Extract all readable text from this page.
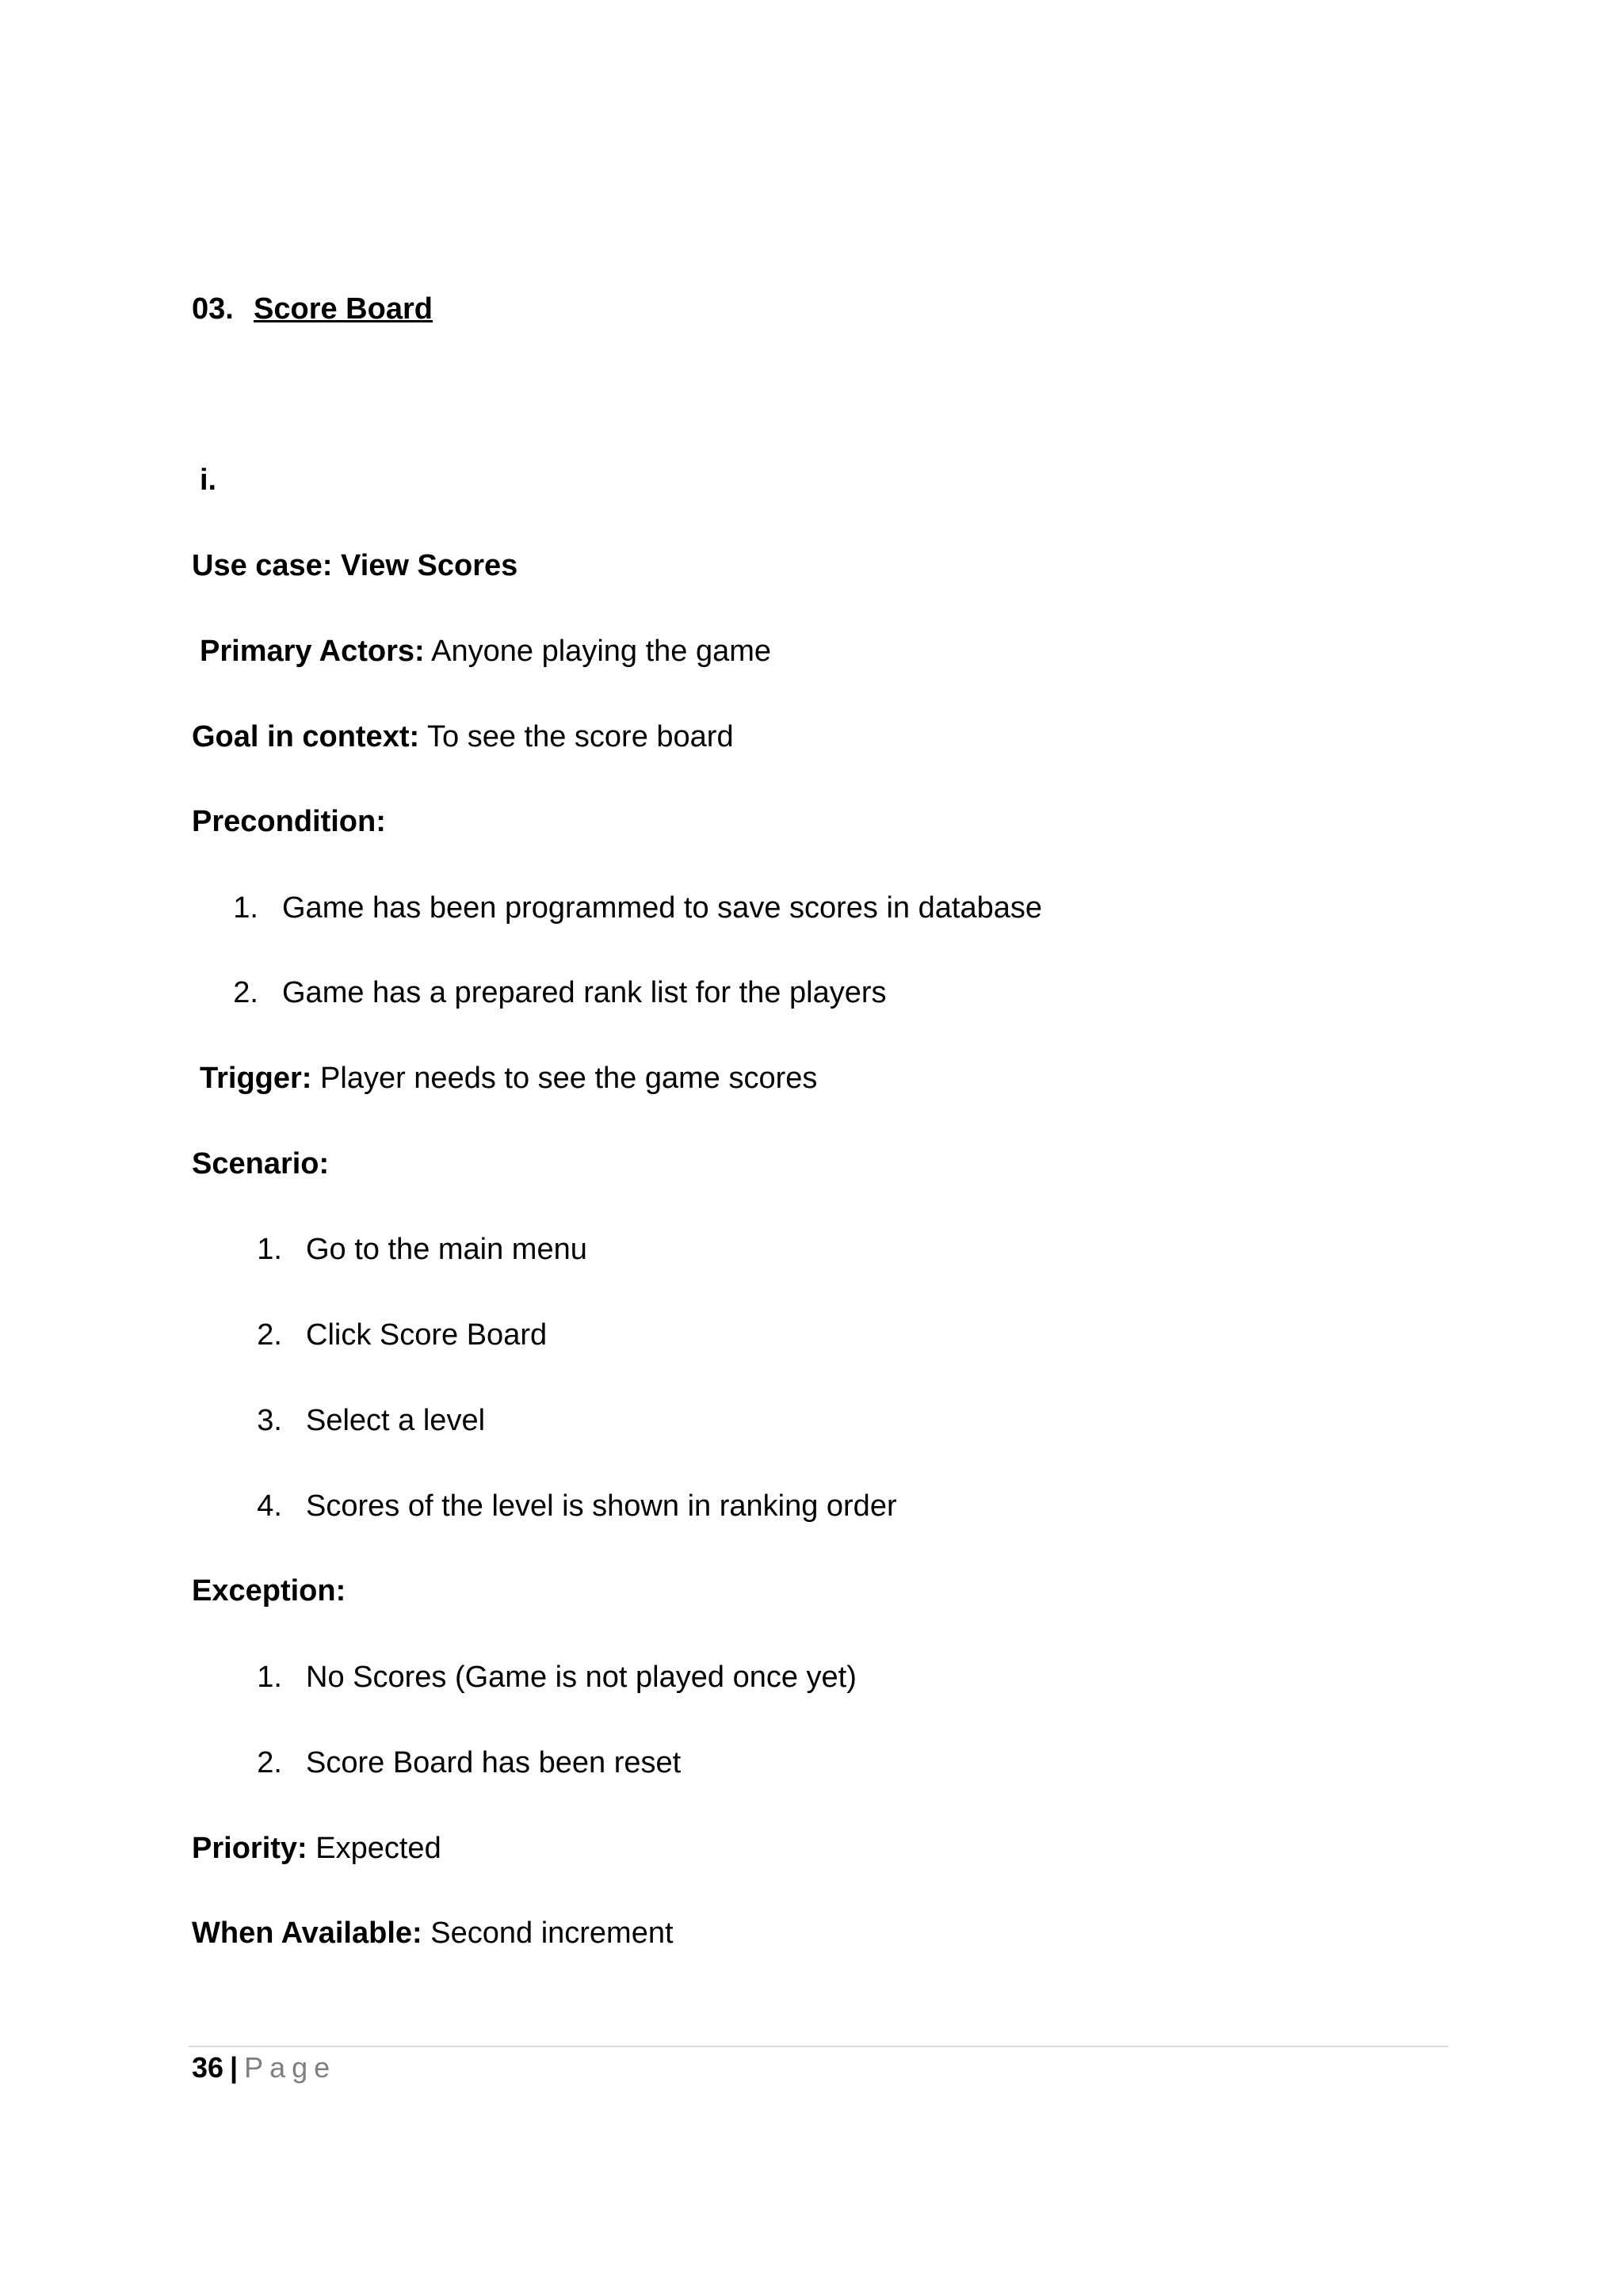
03. Score Board
i.
Use case: View Scores
Primary Actors: Anyone playing the game
Goal in context: To see the score board
Precondition:
1. Game has been programmed to save scores in database
2. Game has a prepared rank list for the players
Trigger: Player needs to see the game scores
Scenario:
1. Go to the main menu
2. Click Score Board
3. Select a level
4. Scores of the level is shown in ranking order
Exception:
1. No Scores (Game is not played once yet)
2. Score Board has been reset
Priority: Expected
When Available: Second increment
36 | Page
